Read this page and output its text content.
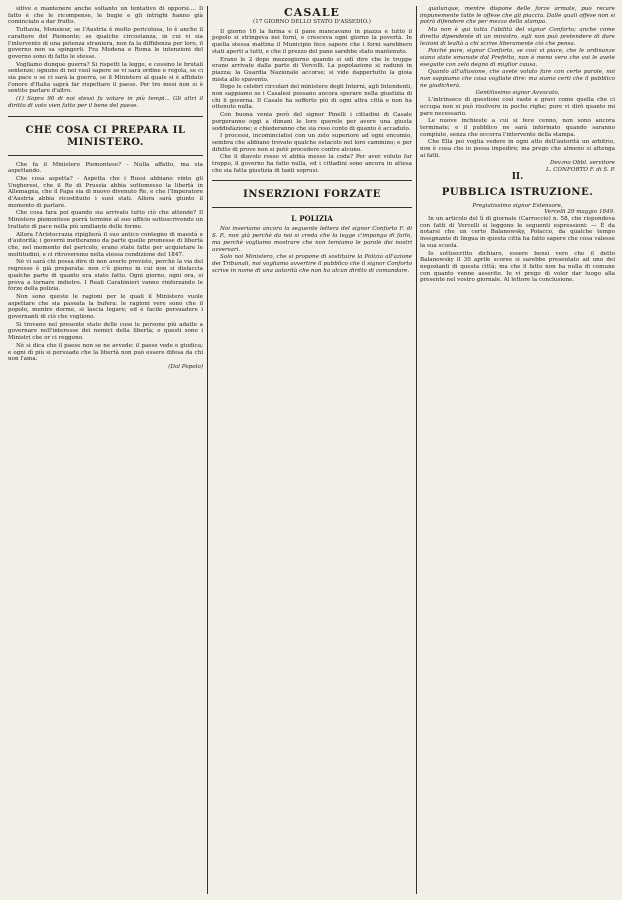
sitive e mantenere anche soltanto un tentativo di opporsi.... Il fatto è che le ricompense, le bugie e gli intrighi hanno già cominciato a dar frutto.

Tuttavia, Monsieur, se l'Austria è molto pericolosa, lo è anche il carattere del Piemonte; se qualche circostanza, in cui vi sia l'intervento di una potenza straniera, non fa la diffidenza per loro, il governo non sa spingerli. Fra Modena e Roma le intenzioni del governo sono di fatto le stesse.

Vogliamo dunque guerra? Si rispetti la legge, e cessino le brutali sentenze; ognuno di noi vuol sapere se vi sarà ordine e regola, se ci sia pace o se ci sarà la guerra, se il Ministero al quale si è affidato l'onore d'Italia saprà far rispettare il paese. Per tre mesi non si è sentito parlare d'altro.

(1) Sopra 90 di noi stessi fa votare in più tempi... Gli altri il diritto di voto vien fatto per il bene del paese.

CHE COSA CI PREPARA IL MINISTERO.

Che fa il Ministero Piemontese? - Nulla affatto, ma sta aspettando.

Che cosa aspetta? - Aspetta che i Russi abbiano vinto gli Ungheresi, che il Re di Prussia abbia sottomesso la libertà in Allemagna, che il Papa sia di nuovo divenuto Re, e che l'Imperatore d'Austria abbia ricostituito i suoi stati. Allora sarà giunto il momento di parlare.

Che cosa fara poi quando sia arrivato tutto ciò che attende? Il Ministero piemontese porrà termine al suo ufficio sottoscrivendo un trattato di pace nella più umiliante delle forme.

Allora l'Aristocrazia ripiglierà il suo antico contegno di maestà e d'autorità; i governi metteranno da parte quelle promesse di libertà che, nel momento del pericolo, erano state fatte per acquietare le moltitudini, e ci ritroveremo nella stessa condizione del 1847.

Nè vi sarà chi possa dire di non averlo previsto, perchè la via del regresso è già preparata: non c'è giorno in cui non si disfaccia qualche parte di quanto era stato fatto. Ogni giorno, ogni ora, si prova a tornare indietro. I Reali Carabinieri vanno rinforzando le forze della polizia.

Non sono queste le ragioni per le quali il Ministero vuole aspettare che sia passata la bufera: le ragioni vere sono che il popolo, mentre dorme, si lascia legare; ed è facile persuadere i governanti di ciò che vogliono.

Si trovano nel presente stato delle cose le persone più adatte a governare nell'interesse dei nemici della libertà; e questi sono i Ministri che or ci reggono.

Nè si dica che il paese non se ne avvede: il paese vede e giudica; e ogni dì più si persuade che la libertà non può essere difesa da chi non l'ama.

(Dal Popolo)

CASALE
(17 GIORNO DELLO STATO D'ASSEDIO.)

Il giorno 16 la farina e il pane mancavano in piazza e tutto il popolo si stringeva nei forni, e cresceva ogni giorno la povertà. In quella stessa mattina il Municipio fece sapere che i forni sarebbero stati aperti a tutti, e che il prezzo del pane sarebbe stato mantenuto.

Erano le 2 dopo mezzogiorno quando si udì dire che le truppe erano arrivate dalla parte di Vercelli. La popolazione si radunò in piazza; la Guardia Nazionale accorse; si vide dappertutto la gioia mista allo spavento.

Dopo le celebri circolari del ministero degli Interni, agli Intendenti, non sappiamo se i Casalesi possano ancora sperare nella giustizia di chi li governa. Il Casale ha sofferto più di ogni altra città e non ha ottenuto nulla.

Con buona venia però del signor Pinelli i cittadini di Casale porgeranno oggi a dimani le loro querele per avere una giusta soddisfazione; e chiederanno che sia reso conto di quanto è accaduto.

I processi, incominciatisi con un zelo superiore ad ogni encomio, sembra che abbiano trovato qualche ostacolo nel loro cammino; e per difetto di prove non si potè procedere contro alcuno.

Che il diavolo rosso vi abbia messo la coda? Per aver voluto far troppo, il governo ha fatto nulla, ed i cittadini sono ancora in attesa che sia fatta giustizia di tanti soprusi.

INSERZIONI FORZATE
I. POLIZIA

Noi inseriamo ancora la seguente lettera del signor Conforto F. di S. P., non già perchè da noi si creda che la legge c'imponga di farlo, ma perchè vogliamo mostrare che non temiamo le parole dei nostri avversari.

Solo noi Ministero, che si propone di sostituire la Polizia all'azione dei Tribunali, noi vogliamo avvertire il pubblico che il signor Conforto scrive in nome di una autorità che non ha alcun diritto di comandare.

qualunque, mentre dispone delle forze armate, può recare impunemente tutte le offese che gli piaccia. Dalle quali offese non si potrà difendere che per mezzo della stampa.

Ma non è qui tutta l'abilità del signor Conforto; anche come diretto dipendente di un ministro, egli non può pretendere di dare lezioni di lealtà a chi scrive liberamente ciò che pensa.

Poiché pure, signor Conforto, se così vi piace, che le ordinanze siano state emanate dal Prefetto, non è meno vero che voi le avete eseguite con zelo degno di miglior causa.

Quanto all'allusione, che avete voluto fare con certe parole, noi non sappiamo che cosa vogliate dire: ma siamo certi che il pubblico ne giudicherà.

Gentilissimo signor Avvocato,

L'intrinseco di questioni così vaste e gravi come quella che ci occupa non si può risolvere in poche righe; pure vi dirò quanto mi pare necessario.

Le nuove inchieste a cui si fece cenno, non sono ancora terminate; e il pubblico ne sarà informato quando saranno compiute, senza che occorra l'intervento della stampa.

Che Ella poi voglia vedere in ogni atto dell'autorità un arbitrio, non è cosa che io possa impedire; ma prego che almeno si attenga ai fatti.

Dev.mo Obbl. servitore
L. CONFORTO F. di S. P.
II.
PUBBLICA ISTRUZIONE.
Pregiatissimo signor Estensore,
Vercelli 29 maggio 1849.

In un articolo del lì di giornale (Carroccio) n. 58, che rispondeva con fatti di Vercelli si leggono le seguenti espressioni: — È da notarsi che un certo Balanowsky, Polacco, da qualche tempo insegnante di lingua in questa città ha fatto sapere che cosa valesse la sua scuola.

Io sottoscritto dichiaro, essere bensì vero che il detto Balanowsky il 30 aprile scorso si sarebbe presentato ad uno dei negozianti di questa città; ma che il fatto non ha nulla di comune con quanto venne asserito. Io vi prego di voler dar luogo alla presente nel vostro giornale. Al lettore la conclusione.
